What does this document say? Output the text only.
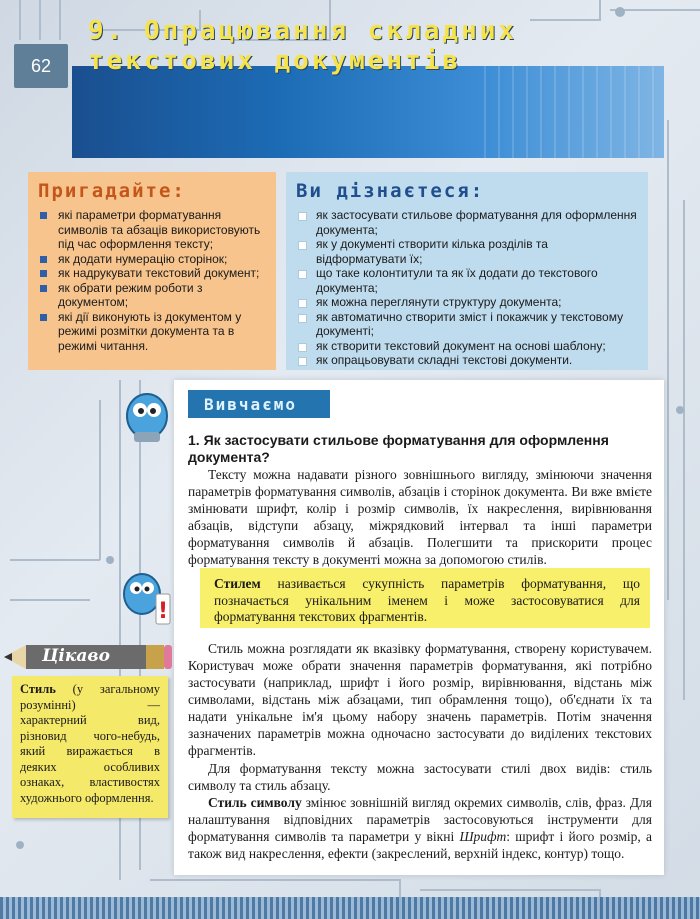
62
9. Опрацювання складних
текстових документів
Пригадайте:
які параметри форматування символів та абзаців використовують під час оформлення тексту;
як додати нумерацію сторінок;
як надрукувати текстовий документ;
як обрати режим роботи з документом;
які дії виконують із документом у режимі розмітки документа та в режимі читання.
Ви дізнаєтеся:
як застосувати стильове форматування для оформлення документа;
як у документі створити кілька розділів та відформатувати їх;
що таке колонтитули та як їх додати до текстового документа;
як можна переглянути структуру документа;
як автоматично створити зміст і покажчик у текстовому документі;
як створити текстовий документ на основі шаблону;
як опрацьовувати складні текстові документи.
Вивчаємо
1. Як застосувати стильове форматування для оформлення документа?
Тексту можна надавати різного зовнішнього вигляду, змінюючи значення параметрів форматування символів, абзаців і сторінок документа. Ви вже вмієте змінювати шрифт, колір і розмір символів, їх накреслення, вирівнювання абзаців, відступи абзацу, міжрядковий інтервал та інші параметри форматування символів й абзаців. Полегшити та прискорити процес форматування тексту в документі можна за допомогою стилів.
!
Стилем називається сукупність параметрів форматування, що позначається унікальним іменем і може застосовуватися для форматування текстових фрагментів.
Стиль можна розглядати як вказівку форматування, створену користувачем. Користувач може обрати значення параметрів форматування, які потрібно застосувати (наприклад, шрифт і його розмір, вирівнювання, відстань між символами, відстань між абзацами, тип обрамлення тощо), об'єднати їх та надати унікальне ім'я цьому набору значень параметрів. Потім значення зазначених параметрів можна одночасно застосувати до виділених текстових фрагментів.
Для форматування тексту можна застосувати стилі двох видів: стиль символу та стиль абзацу.
Стиль символу змінює зовнішній вигляд окремих символів, слів, фраз. Для налаштування відповідних параметрів застосовуються інструменти для форматування символів та параметри у вікні Шрифт: шрифт і його розмір, а також вид накреслення, ефекти (закреслений, верхній індекс, контур) тощо.
Цікаво
Стиль (у загальному розумінні) — характерний вид, різновид чого-небудь, який виражається в деяких особливих ознаках, властивостях художнього оформлення.
